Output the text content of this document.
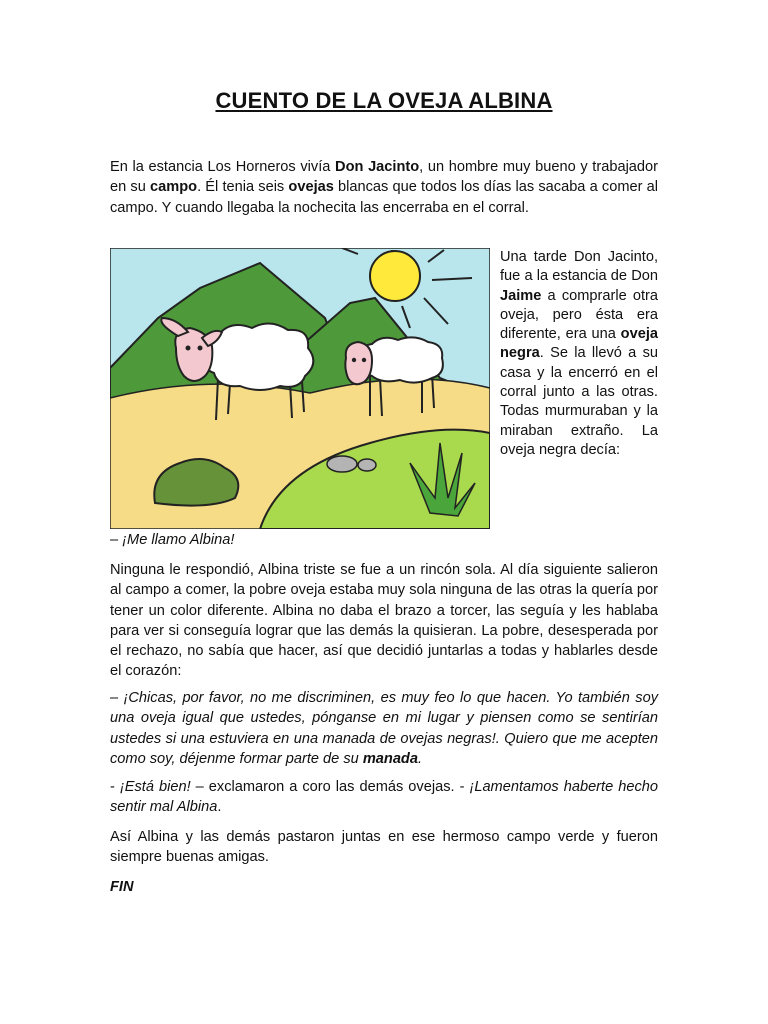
CUENTO DE LA OVEJA ALBINA

En la estancia Los Horneros vivía Don Jacinto, un hombre muy bueno y trabajador en su campo. Él tenia seis ovejas blancas que todos los días las sacaba a comer al campo. Y cuando llegaba la nochecita las encerraba en el corral.

Una tarde Don Jacinto, fue a la estancia de Don Jaime a comprarle otra oveja, pero ésta era diferente, era una oveja negra. Se la llevó a su casa y la encerró en el corral junto a las otras. Todas murmuraban y la miraban extraño. La oveja negra decía:

– ¡Me llamo Albina!

Ninguna le respondió, Albina triste se fue a un rincón sola. Al día siguiente salieron al campo a comer, la pobre oveja estaba muy sola ninguna de las otras la quería por tener un color diferente. Albina no daba el brazo a torcer, las seguía y les hablaba para ver si conseguía lograr que las demás la quisieran. La pobre, desesperada por el rechazo, no sabía que hacer, así que decidió juntarlas a todas y hablarles desde el corazón:

– ¡Chicas, por favor, no me discriminen, es muy feo lo que hacen. Yo también soy una oveja igual que ustedes, pónganse en mi lugar y piensen como se sentirían ustedes si una estuviera en una manada de ovejas negras!. Quiero que me acepten como soy, déjenme formar parte de su manada.

- ¡Está bien! – exclamaron a coro las demás ovejas. - ¡Lamentamos haberte hecho sentir mal Albina.

Así Albina y las demás pastaron juntas en ese hermoso campo verde y fueron siempre buenas amigas.

FIN
